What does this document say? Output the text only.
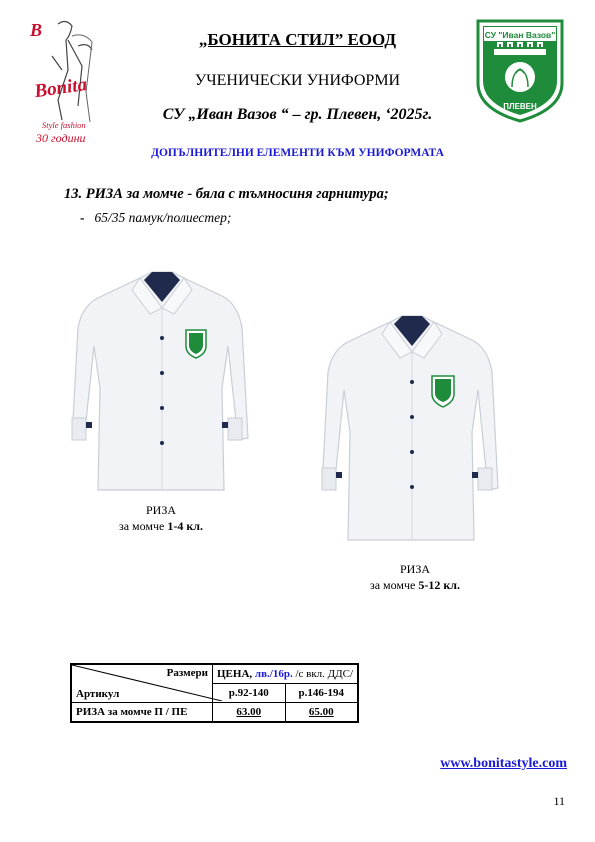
B
Bonita
Style fashion
30 години
СУ "Иван Вазов"
ПЛЕВЕН
„БОНИТА СТИЛ” ЕООД
УЧЕНИЧЕСКИ УНИФОРМИ
СУ „Иван Вазов “ – гр. Плевен, ‘2025г.
ДОПЪЛНИТЕЛНИ ЕЛЕМЕНТИ КЪМ УНИФОРМАТА
13. РИЗА за момче - бяла с тъмносиня гарнитура;
- 65/35 памук/полиестер;
РИЗА
за момче 1-4 кл.
РИЗА
за момче 5-12 кл.
Размери
Артикул	ЦЕНА, лв./16р. /с вкл. ДДС/	
	р.92-140	р.146-194
РИЗА за момче П / ПЕ	63.00	65.00
www.bonitastyle.com
11
